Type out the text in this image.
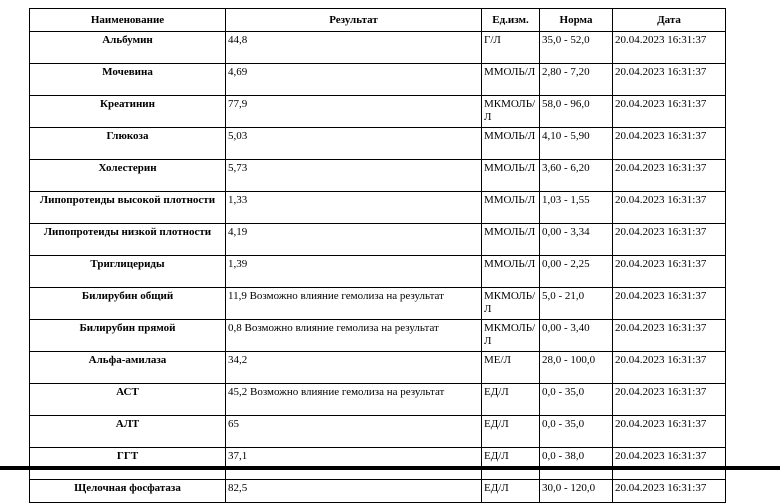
Наименование	Результат	Ед.изм.	Норма	Дата
Альбумин	44,8	Г/Л	35,0 - 52,0	20.04.2023 16:31:37
Мочевина	4,69	ММОЛЬ/Л	2,80 - 7,20	20.04.2023 16:31:37
Креатинин	77,9	МКМОЛЬ/Л	58,0 - 96,0	20.04.2023 16:31:37
Глюкоза	5,03	ММОЛЬ/Л	4,10 - 5,90	20.04.2023 16:31:37
Холестерин	5,73	ММОЛЬ/Л	3,60 - 6,20	20.04.2023 16:31:37
Липопротеиды высокой плотности	1,33	ММОЛЬ/Л	1,03 - 1,55	20.04.2023 16:31:37
Липопротеиды низкой плотности	4,19	ММОЛЬ/Л	0,00 - 3,34	20.04.2023 16:31:37
Триглицериды	1,39	ММОЛЬ/Л	0,00 - 2,25	20.04.2023 16:31:37
Билирубин общий	11,9 Возможно влияние гемолиза на результат	МКМОЛЬ/Л	5,0 - 21,0	20.04.2023 16:31:37
Билирубин прямой	0,8 Возможно влияние гемолиза на результат	МКМОЛЬ/Л	0,00 - 3,40	20.04.2023 16:31:37
Альфа-амилаза	34,2	МЕ/Л	28,0 - 100,0	20.04.2023 16:31:37
АСТ	45,2 Возможно влияние гемолиза на результат	ЕД/Л	0,0 - 35,0	20.04.2023 16:31:37
АЛТ	65	ЕД/Л	0,0 - 35,0	20.04.2023 16:31:37
ГГТ	37,1	ЕД/Л	0,0 - 38,0	20.04.2023 16:31:37
Щелочная фосфатаза	82,5	ЕД/Л	30,0 - 120,0	20.04.2023 16:31:37
